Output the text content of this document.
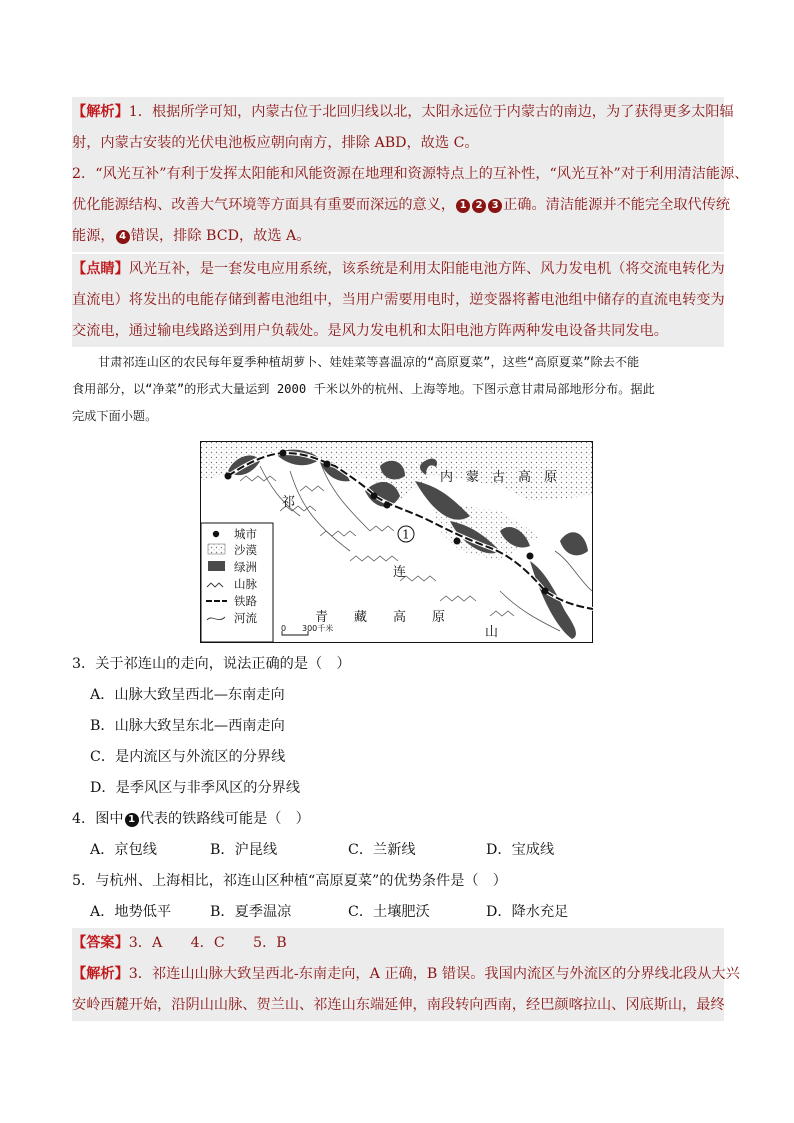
【解析】1．根据所学可知，内蒙古位于北回归线以北，太阳永远位于内蒙古的南边，为了获得更多太阳辐
射，内蒙古安装的光伏电池板应朝向南方，排除 ABD，故选 C。
2．“风光互补”有利于发挥太阳能和风能资源在地理和资源特点上的互补性，“风光互补”对于利用清洁能源、
优化能源结构、改善大气环境等方面具有重要而深远的意义， 1 2 3 正确。清洁能源并不能完全取代传统
能源， 4 错误，排除 BCD，故选 A。
【点睛】风光互补，是一套发电应用系统，该系统是利用太阳能电池方阵、风力发电机（将交流电转化为
直流电）将发出的电能存储到蓄电池组中，当用户需要用电时，逆变器将蓄电池组中储存的直流电转变为
交流电，通过输电线路送到用户负载处。是风力发电机和太阳电池方阵两种发电设备共同发电。
甘肃祁连山区的农民每年夏季种植胡萝卜、娃娃菜等喜温凉的“高原夏菜”，这些“高原夏菜”除去不能
食用部分，以“净菜”的形式大量运到 2000 千米以外的杭州、上海等地。下图示意甘肃局部地形分布。据此
完成下面小题。
1
内　蒙　古　高　原
祁
连
青　　藏　　高　　原
山
城市
沙漠
绿洲
山脉
铁路
河流
0 300千米
3．关于祁连山的走向，说法正确的是（　）
A．山脉大致呈西北—东南走向
B．山脉大致呈东北—西南走向
C．是内流区与外流区的分界线
D．是季风区与非季风区的分界线
4．图中 1 代表的铁路线可能是（　）
A．京包线	B．沪昆线	C．兰新线	D．宝成线
5．与杭州、上海相比，祁连山区种植“高原夏菜”的优势条件是（　）
A．地势低平	B．夏季温凉	C．土壤肥沃	D．降水充足
【答案】3．A　　4．C　　5．B
【解析】3．祁连山山脉大致呈西北-东南走向，A 正确，B 错误。我国内流区与外流区的分界线北段从大兴
安岭西麓开始，沿阴山山脉、贺兰山、祁连山东端延伸，南段转向西南，经巴颜喀拉山、冈底斯山，最终
